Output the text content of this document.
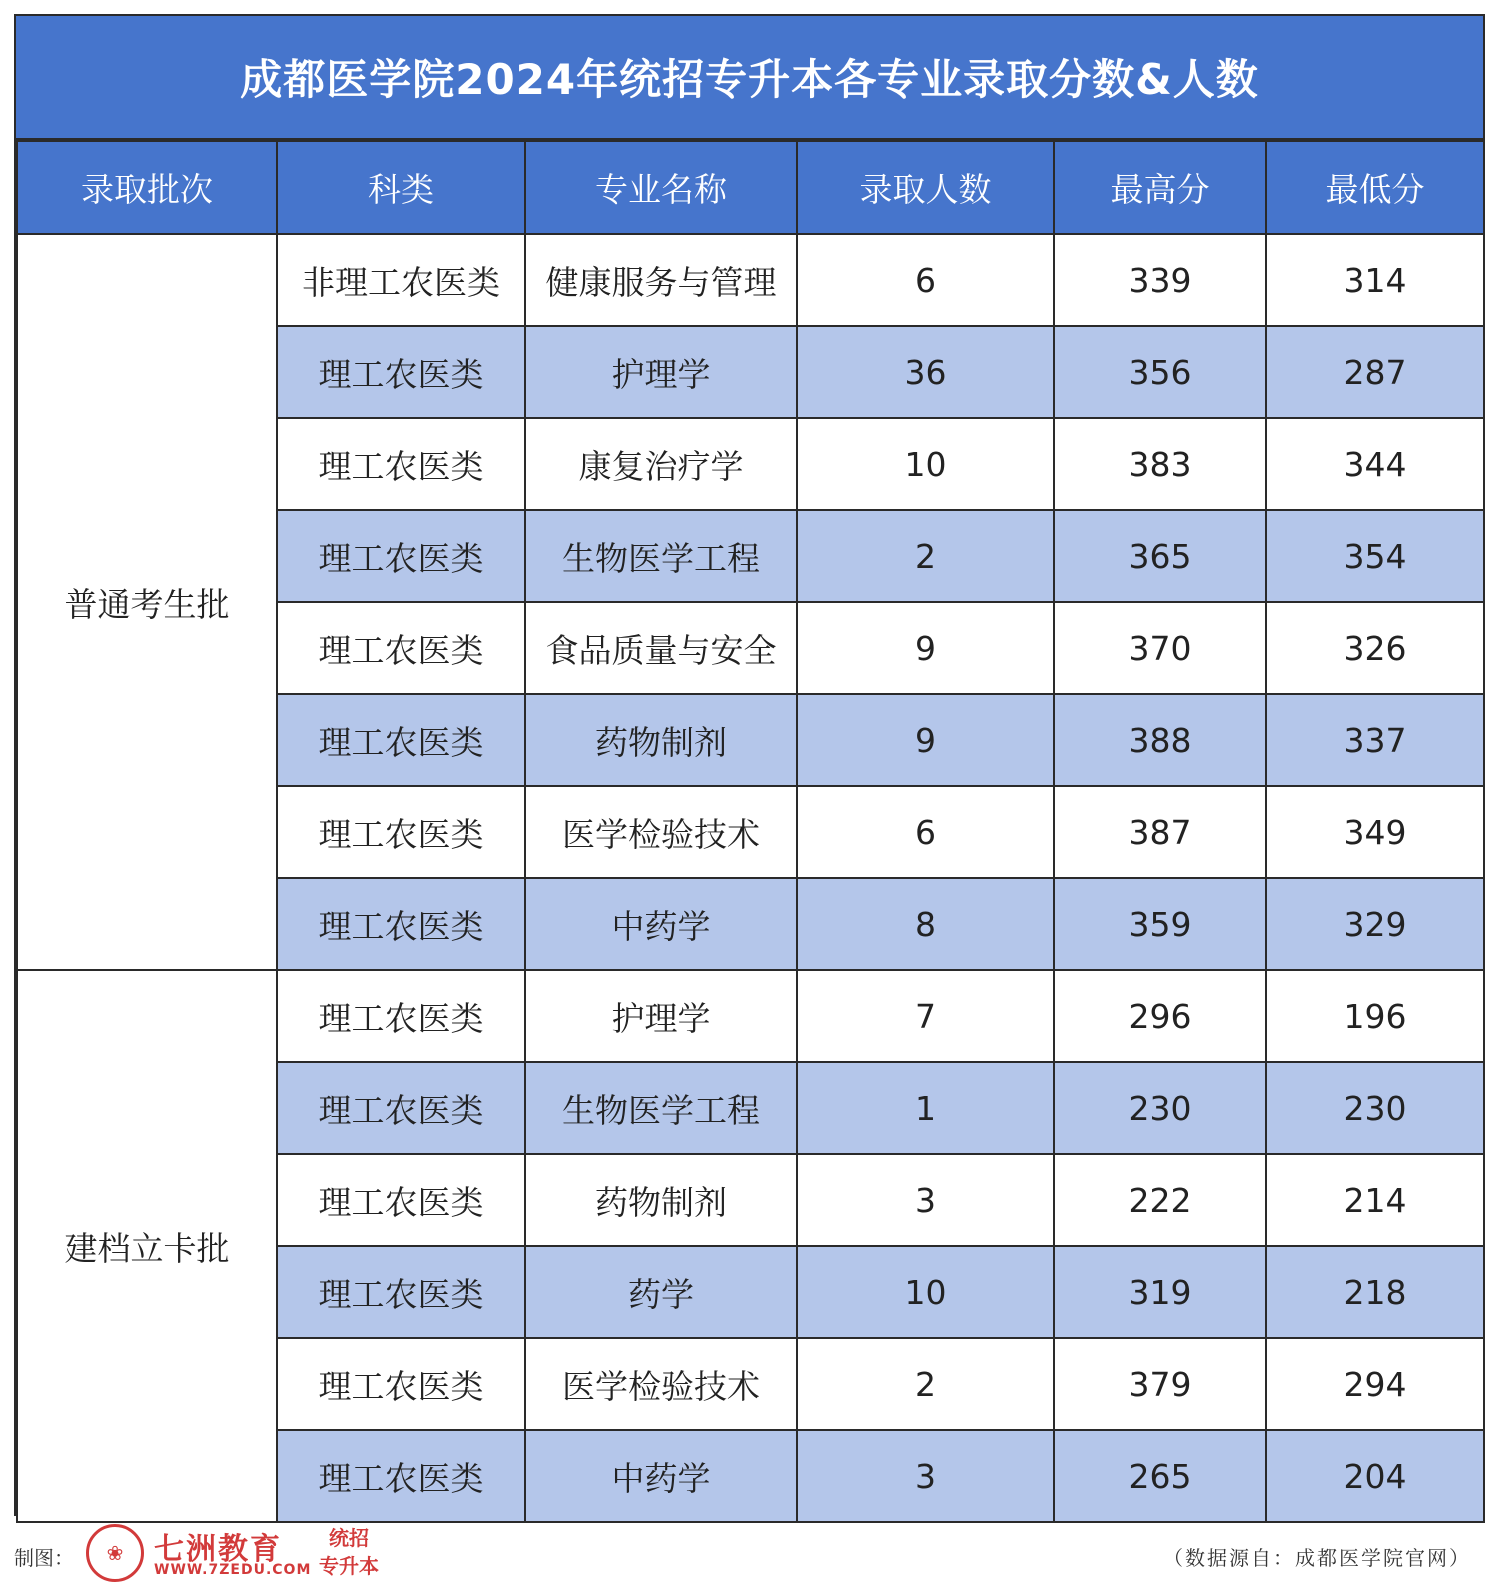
成都医学院2024年统招专升本各专业录取分数&人数
录取批次	科类	专业名称	录取人数	最高分	最低分
普通考生批	非理工农医类	健康服务与管理	6	339	314
	理工农医类	护理学	36	356	287
	理工农医类	康复治疗学	10	383	344
	理工农医类	生物医学工程	2	365	354
	理工农医类	食品质量与安全	9	370	326
	理工农医类	药物制剂	9	388	337
	理工农医类	医学检验技术	6	387	349
	理工农医类	中药学	8	359	329
建档立卡批	理工农医类	护理学	7	296	196
	理工农医类	生物医学工程	1	230	230
	理工农医类	药物制剂	3	222	214
	理工农医类	药学	10	319	218
	理工农医类	医学检验技术	2	379	294
	理工农医类	中药学	3	265	204
制图：	❀	七洲教育
WWW.7ZEDU.COM
统招
专升本	（数据源自：成都医学院官网）
